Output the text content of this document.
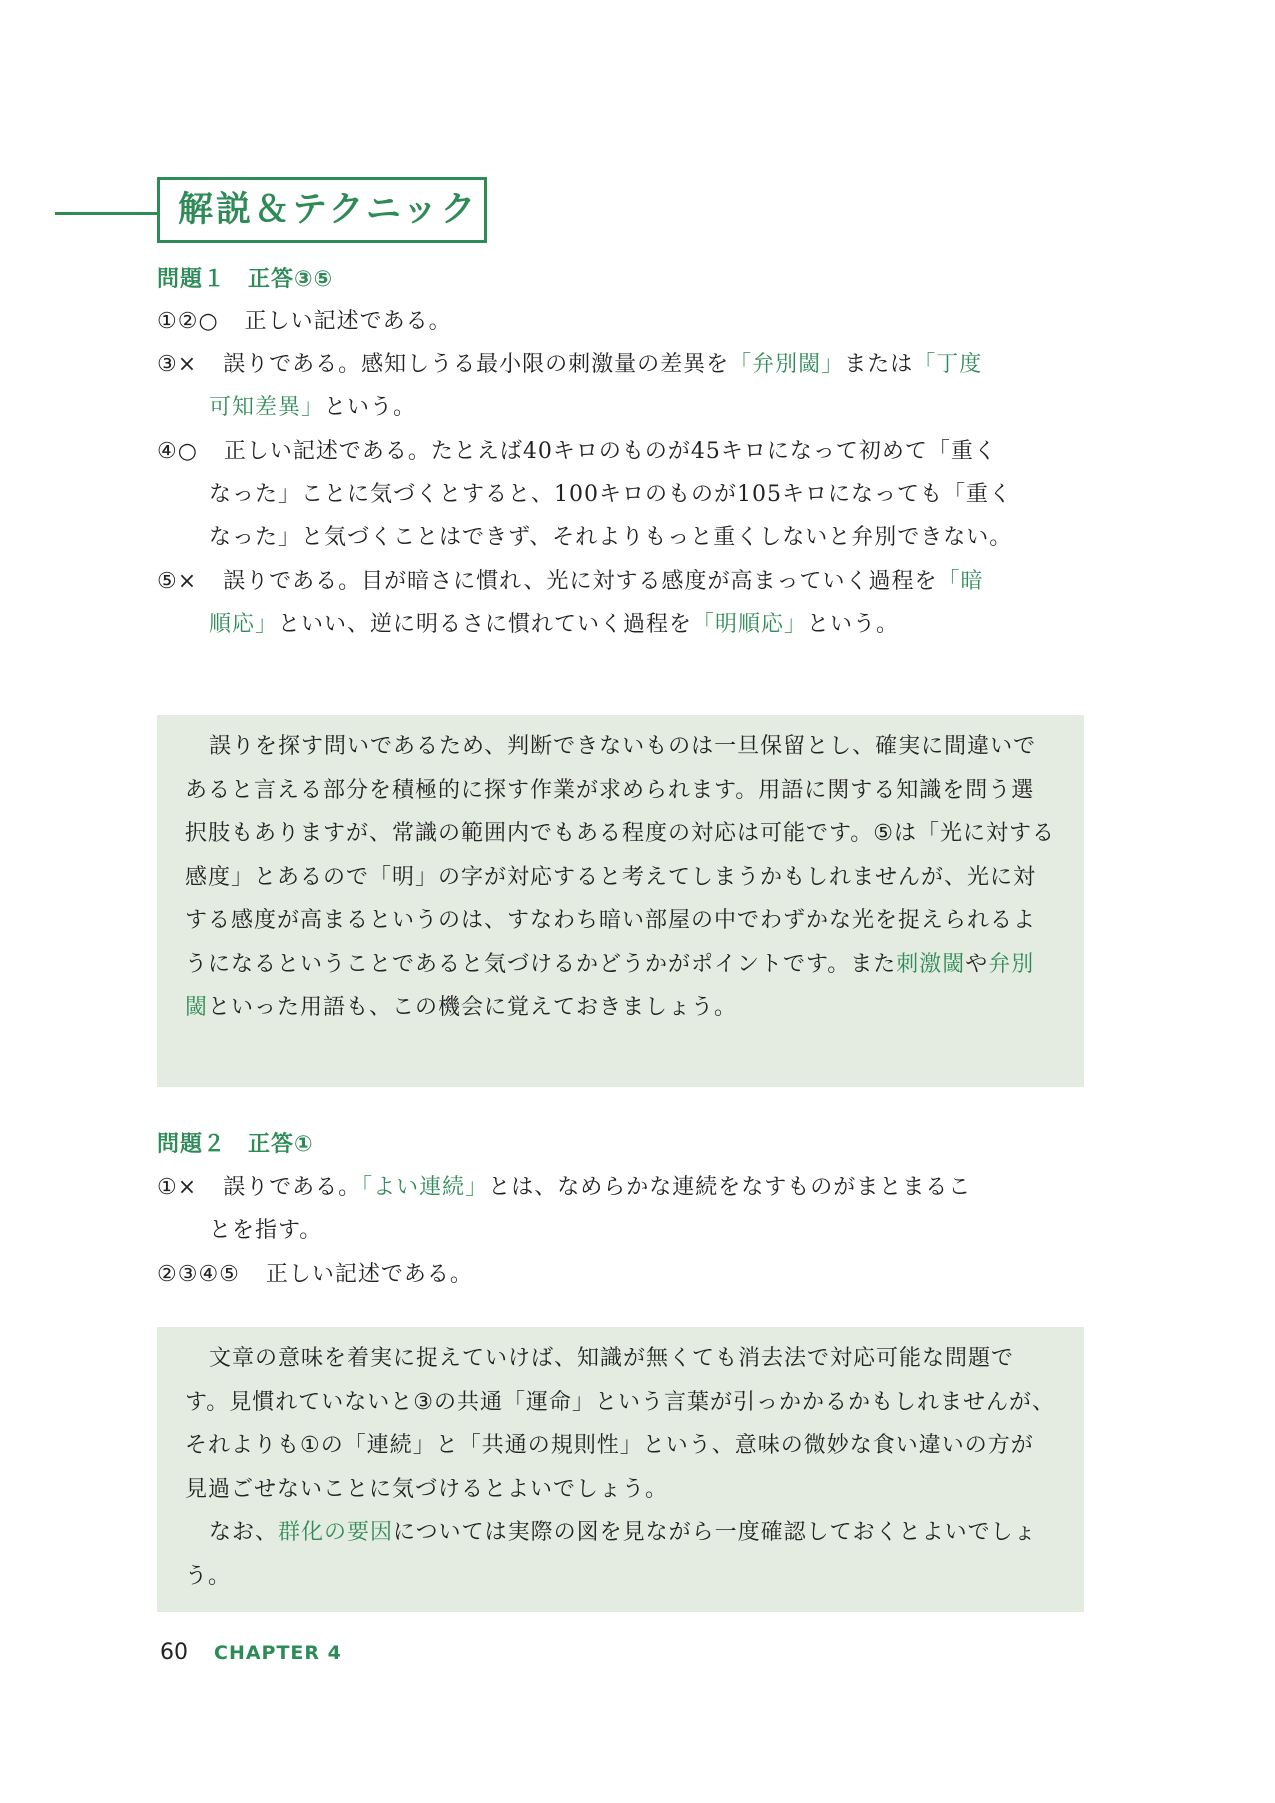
解説＆テクニック
問題１ 正答③⑤
①②○ 正しい記述である。
③× 誤りである。感知しうる最小限の刺激量の差異を「弁別閾」または「丁度
可知差異」という。
④○ 正しい記述である。たとえば40キロのものが45キロになって初めて「重く
なった」ことに気づくとすると、100キロのものが105キロになっても「重く
なった」と気づくことはできず、それよりもっと重くしないと弁別できない。
⑤× 誤りである。目が暗さに慣れ、光に対する感度が高まっていく過程を「暗
順応」といい、逆に明るさに慣れていく過程を「明順応」という。

誤りを探す問いであるため、判断できないものは一旦保留とし、確実に間違いであると言える部分を積極的に探す作業が求められます。用語に関する知識を問う選択肢もありますが、常識の範囲内でもある程度の対応は可能です。⑤は「光に対する感度」とあるので「明」の字が対応すると考えてしまうかもしれませんが、光に対する感度が高まるというのは、すなわち暗い部屋の中でわずかな光を捉えられるようになるということであると気づけるかどうかがポイントです。また刺激閾や弁別閾といった用語も、この機会に覚えておきましょう。

問題２ 正答①
①× 誤りである。「よい連続」とは、なめらかな連続をなすものがまとまるこ
とを指す。
②③④⑤ 正しい記述である。

文章の意味を着実に捉えていけば、知識が無くても消去法で対応可能な問題です。見慣れていないと③の共通「運命」という言葉が引っかかるかもしれませんが、それよりも①の「連続」と「共通の規則性」という、意味の微妙な食い違いの方が見過ごせないことに気づけるとよいでしょう。

なお、群化の要因については実際の図を見ながら一度確認しておくとよいでしょう。

60 CHAPTER 4
